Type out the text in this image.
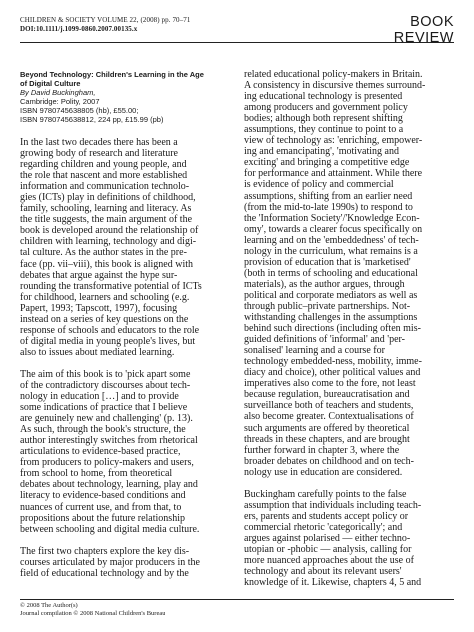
CHILDREN & SOCIETY VOLUME 22, (2008) pp. 70–71
DOI:10.1111/j.1099-0860.2007.00135.x	BOOK REVIEW
Beyond Technology: Children's Learning in the Age
of Digital Culture
By David Buckingham,
Cambridge: Polity, 2007
ISBN 9780745638805 (hb), £55.00;
ISBN 9780745638812, 224 pp, £15.99 (pb)
In the last two decades there has been a
growing body of research and literature
regarding children and young people, and
the role that nascent and more established
information and communication technolo-
gies (ICTs) play in definitions of childhood,
family, schooling, learning and literacy. As
the title suggests, the main argument of the
book is developed around the relationship of
children with learning, technology and digi-
tal culture. As the author states in the pre-
face (pp. vii–viii), this book is aligned with
debates that argue against the hype sur-
rounding the transformative potential of ICTs
for childhood, learners and schooling (e.g.
Papert, 1993; Tapscott, 1997), focusing
instead on a series of key questions on the
response of schools and educators to the role
of digital media in young people's lives, but
also to issues about mediated learning.
The aim of this book is to 'pick apart some
of the contradictory discourses about tech-
nology in education […] and to provide
some indications of practice that I believe
are genuinely new and challenging' (p. 13).
As such, through the book's structure, the
author interestingly switches from rhetorical
articulations to evidence-based practice,
from producers to policy-makers and users,
from school to home, from theoretical
debates about technology, learning, play and
literacy to evidence-based conditions and
nuances of current use, and from that, to
propositions about the future relationship
between schooling and digital media culture.
The first two chapters explore the key dis-
courses articulated by major producers in the
field of educational technology and by the
related educational policy-makers in Britain.
A consistency in discursive themes surround-
ing educational technology is presented
among producers and government policy
bodies; although both represent shifting
assumptions, they continue to point to a
view of technology as: 'enriching, empower-
ing and emancipating', 'motivating and
exciting' and bringing a competitive edge
for performance and attainment. While there
is evidence of policy and commercial
assumptions, shifting from an earlier need
(from the mid-to-late 1990s) to respond to
the 'Information Society'/'Knowledge Econ-
omy', towards a clearer focus specifically on
learning and on the 'embeddedness' of tech-
nology in the curriculum, what remains is a
provision of education that is 'marketised'
(both in terms of schooling and educational
materials), as the author argues, through
political and corporate mediators as well as
through public–private partnerships. Not-
withstanding challenges in the assumptions
behind such directions (including often mis-
guided definitions of 'informal' and 'per-
sonalised' learning and a course for
technology embedded-ness, mobility, imme-
diacy and choice), other political values and
imperatives also come to the fore, not least
because regulation, bureaucratisation and
surveillance both of teachers and students,
also become greater. Contextualisations of
such arguments are offered by theoretical
threads in these chapters, and are brought
further forward in chapter 3, where the
broader debates on childhood and on tech-
nology use in education are considered.
Buckingham carefully points to the false
assumption that individuals including teach-
ers, parents and students accept policy or
commercial rhetoric 'categorically'; and
argues against polarised — either techno-
utopian or -phobic — analysis, calling for
more nuanced approaches about the use of
technology and about its relevant users'
knowledge of it. Likewise, chapters 4, 5 and
© 2008 The Author(s)
Journal compilation © 2008 National Children's Bureau
